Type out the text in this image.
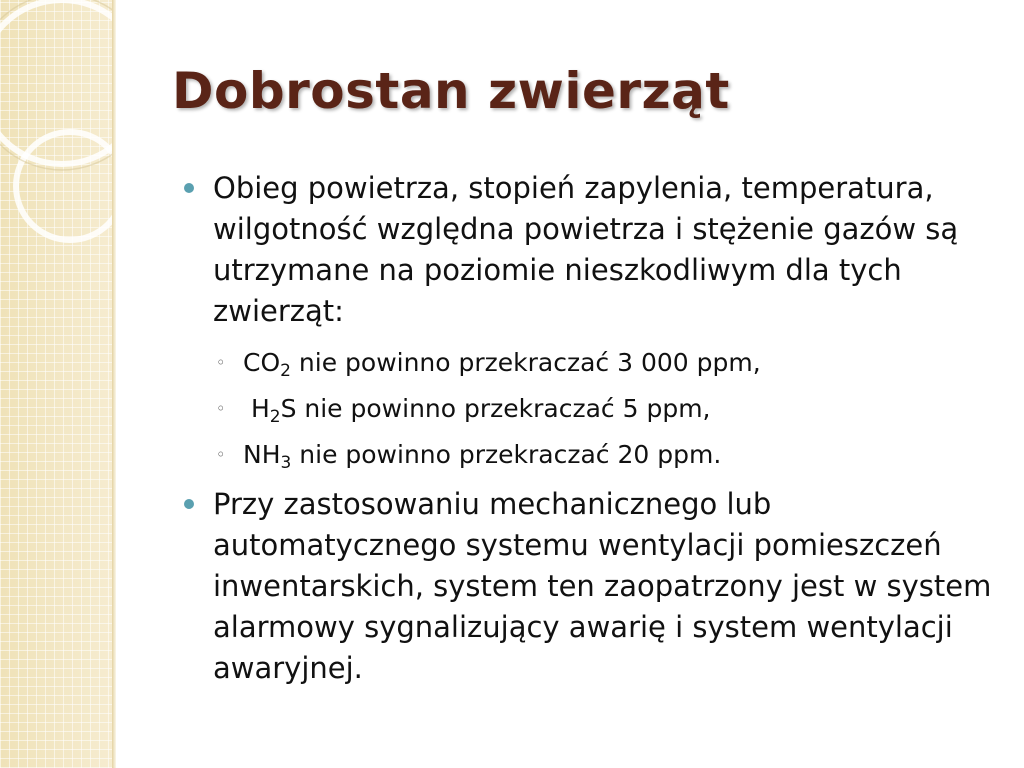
Dobrostan zwierząt
Obieg powietrza, stopień zapylenia, temperatura, wilgotność względna powietrza i stężenie gazów są utrzymane na poziomie nieszkodliwym dla tych zwierząt:
◦ $CO_2$ nie powinno przekraczać 3 000 ppm,
◦ $H_2S$ nie powinno przekraczać 5 ppm,
◦ $NH_3$ nie powinno przekraczać 20 ppm.
Przy zastosowaniu mechanicznego lub automatycznego systemu wentylacji pomieszczeń inwentarskich, system ten zaopatrzony jest w system alarmowy sygnalizujący awarię i system wentylacji awaryjnej.
